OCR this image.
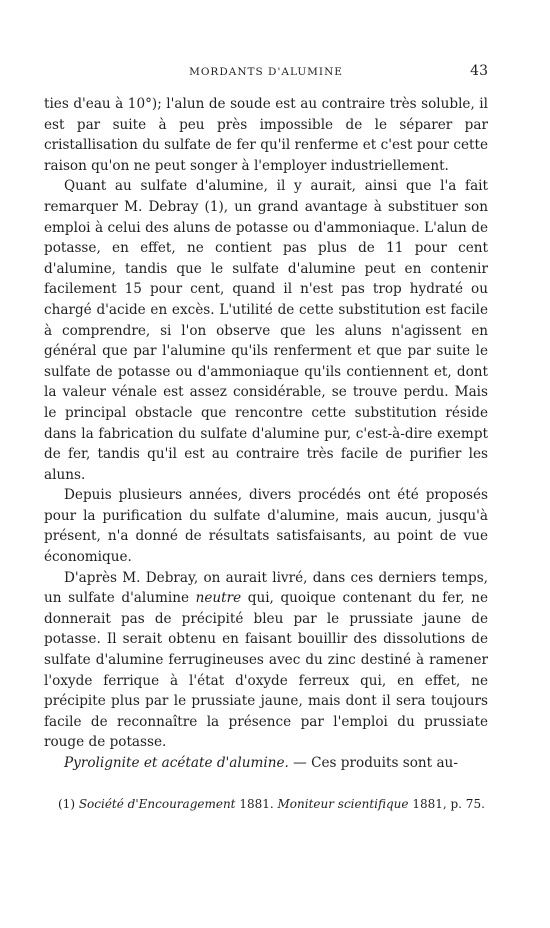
MORDANTS D'ALUMINE	43

ties d'eau à 10°); l'alun de soude est au contraire très soluble, il est par suite à peu près impossible de le séparer par cristallisation du sulfate de fer qu'il renferme et c'est pour cette raison qu'on ne peut songer à l'employer industriellement.

Quant au sulfate d'alumine, il y aurait, ainsi que l'a fait remarquer M. Debray (1), un grand avantage à substituer son emploi à celui des aluns de potasse ou d'ammoniaque. L'alun de potasse, en effet, ne contient pas plus de 11 pour cent d'alumine, tandis que le sulfate d'alumine peut en contenir facilement 15 pour cent, quand il n'est pas trop hydraté ou chargé d'acide en excès. L'utilité de cette substitution est facile à comprendre, si l'on observe que les aluns n'agissent en général que par l'alumine qu'ils renferment et que par suite le sulfate de potasse ou d'ammoniaque qu'ils contiennent et, dont la valeur vénale est assez considérable, se trouve perdu. Mais le principal obstacle que rencontre cette substitution réside dans la fabrication du sulfate d'alumine pur, c'est-à-dire exempt de fer, tandis qu'il est au contraire très facile de purifier les aluns.

Depuis plusieurs années, divers procédés ont été proposés pour la purification du sulfate d'alumine, mais aucun, jusqu'à présent, n'a donné de résultats satisfaisants, au point de vue économique.

D'après M. Debray, on aurait livré, dans ces derniers temps, un sulfate d'alumine neutre qui, quoique contenant du fer, ne donnerait pas de précipité bleu par le prussiate jaune de potasse. Il serait obtenu en faisant bouillir des dissolutions de sulfate d'alumine ferrugineuses avec du zinc destiné à ramener l'oxyde ferrique à l'état d'oxyde ferreux qui, en effet, ne précipite plus par le prussiate jaune, mais dont il sera toujours facile de reconnaître la présence par l'emploi du prussiate rouge de potasse.

Pyrolignite et acétate d'alumine. — Ces produits sont au-

(1) Société d'Encouragement 1881. Moniteur scientifique 1881, p. 75.
